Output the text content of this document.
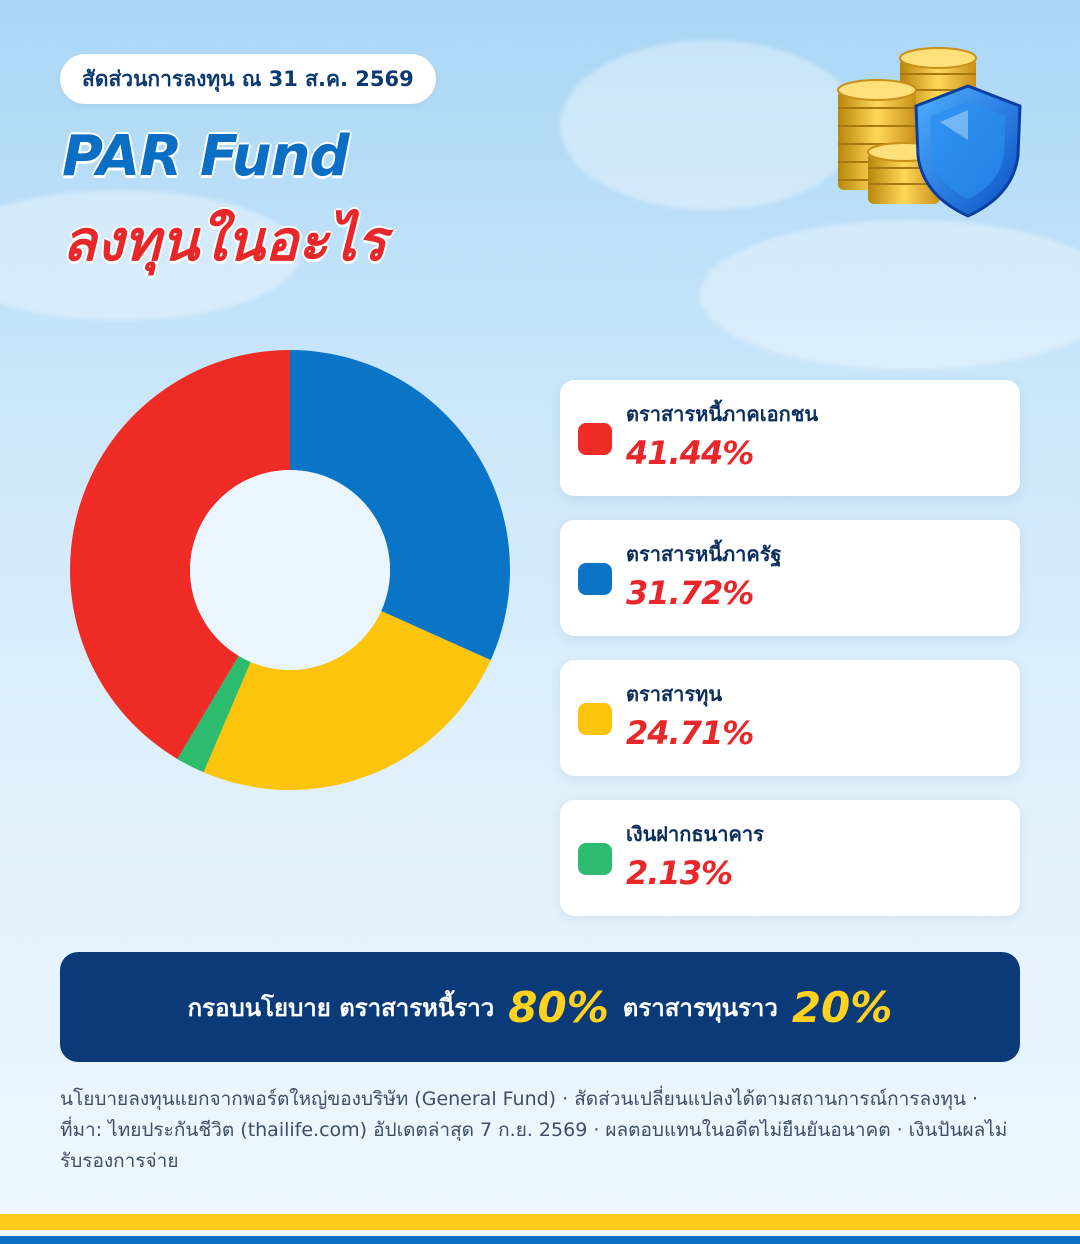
สัดส่วนการลงทุน ณ 31 ส.ค. 2569
PAR Fund
ลงทุนในอะไร
ตราสารหนี้ภาคเอกชน
41.44%
ตราสารหนี้ภาครัฐ
31.72%
ตราสารทุน
24.71%
เงินฝากธนาคาร
2.13%
กรอบนโยบาย ตราสารหนี้ราว 80% ตราสารทุนราว 20%
นโยบายลงทุนแยกจากพอร์ตใหญ่ของบริษัท (General Fund) · สัดส่วนเปลี่ยนแปลงได้ตามสถานการณ์การลงทุน · ที่มา: ไทยประกันชีวิต (thailife.com) อัปเดตล่าสุด 7 ก.ย. 2569 · ผลตอบแทนในอดีตไม่ยืนยันอนาคต · เงินปันผลไม่รับรองการจ่าย
